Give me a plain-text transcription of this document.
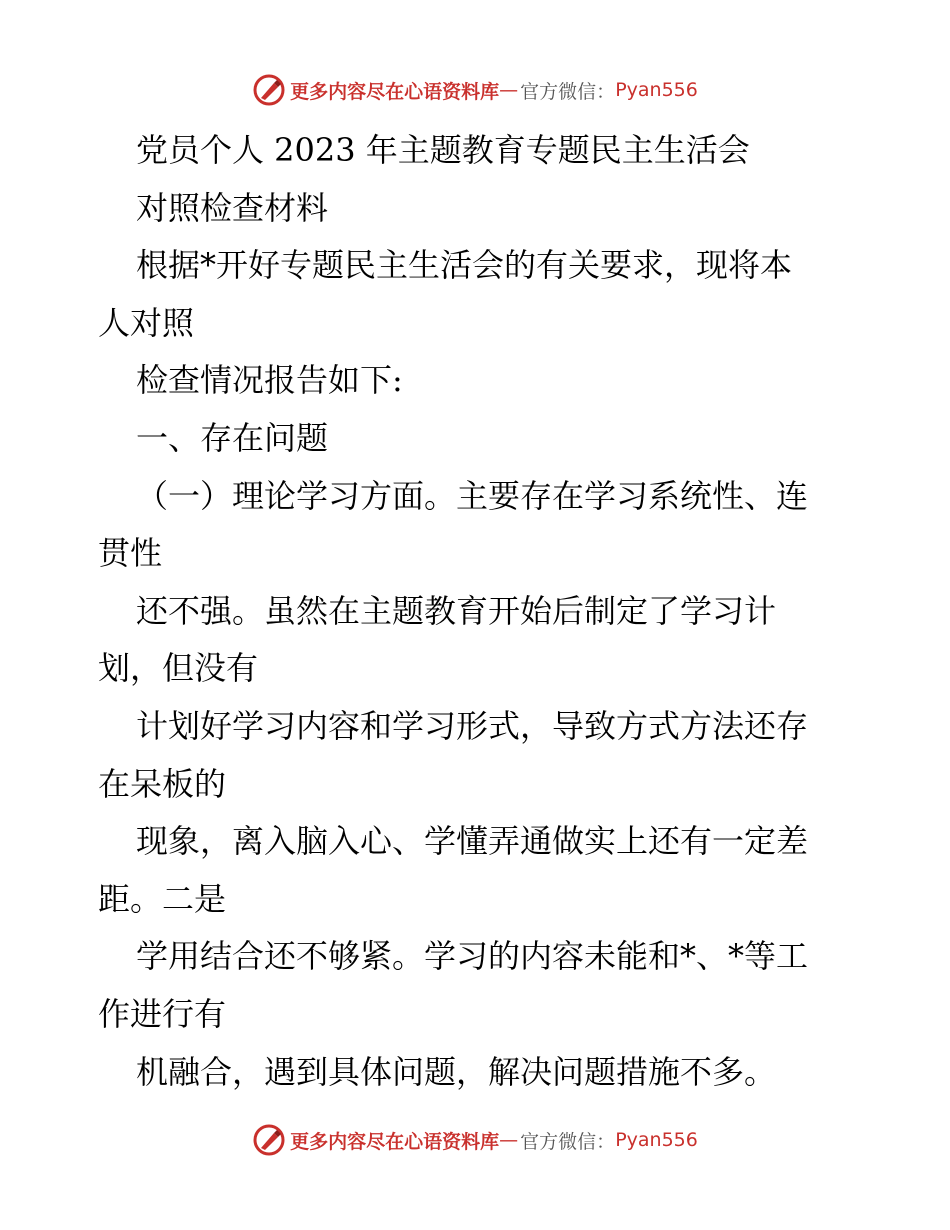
更多内容尽在心语资料库 — 官方微信： Pyan556
党员个人 2023 年主题教育专题民主生活会
对照检查材料
根据*开好专题民主生活会的有关要求，现将本
人对照
检查情况报告如下:
一、存在问题
（一）理论学习方面。主要存在学习系统性、连
贯性
还不强。虽然在主题教育开始后制定了学习计
划，但没有
计划好学习内容和学习形式，导致方式方法还存
在呆板的
现象，离入脑入心、学懂弄通做实上还有一定差
距。二是
学用结合还不够紧。学习的内容未能和*、*等工
作进行有
机融合，遇到具体问题，解决问题措施不多。
更多内容尽在心语资料库 — 官方微信： Pyan556
